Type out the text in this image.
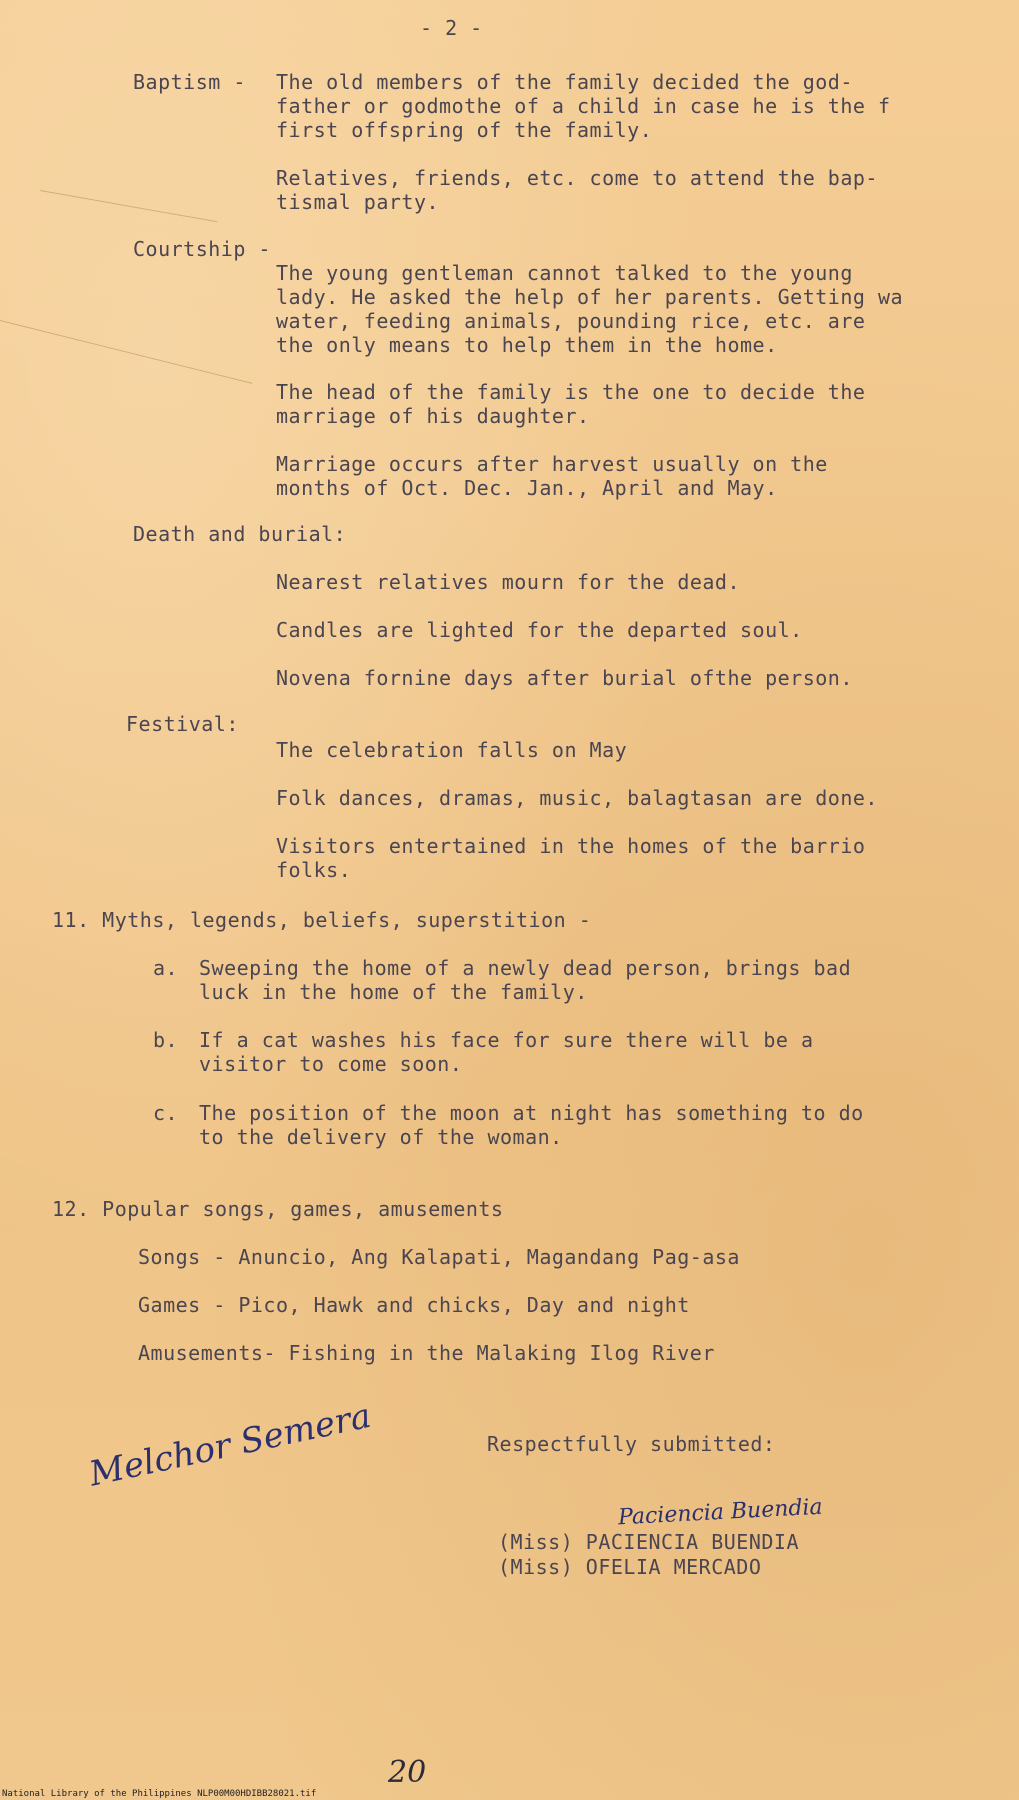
- 2 -
Baptism - The old members of the family decided the god-
father or godmothe of a child in case he is the f
first offspring of the family.
Relatives, friends, etc. come to attend the bap-
tismal party.
Courtship -
The young gentleman cannot talked to the young
lady. He asked the help of her parents. Getting wa
water, feeding animals, pounding rice, etc. are
the only means to help them in the home.
The head of the family is the one to decide the
marriage of his daughter.
Marriage occurs after harvest usually on the
months of Oct. Dec. Jan., April and May.
Death and burial:
Nearest relatives mourn for the dead.
Candles are lighted for the departed soul.
Novena fornine days after burial ofthe person.
Festival:
The celebration falls on May
Folk dances, dramas, music, balagtasan are done.
Visitors entertained in the homes of the barrio
folks.
11. Myths, legends, beliefs, superstition -
a. Sweeping the home of a newly dead person, brings bad
luck in the home of the family.
b. If a cat washes his face for sure there will be a
visitor to come soon.
c. The position of the moon at night has something to do
to the delivery of the woman.
12. Popular songs, games, amusements
Songs - Anuncio, Ang Kalapati, Magandang Pag-asa
Games - Pico, Hawk and chicks, Day and night
Amusements- Fishing in the Malaking Ilog River
Respectfully submitted:
Melchor Semera
Paciencia Buendia
(Miss) PACIENCIA BUENDIA
(Miss) OFELIA MERCADO
20
National Library of the Philippines NLP00M00HDIBB28021.tif
